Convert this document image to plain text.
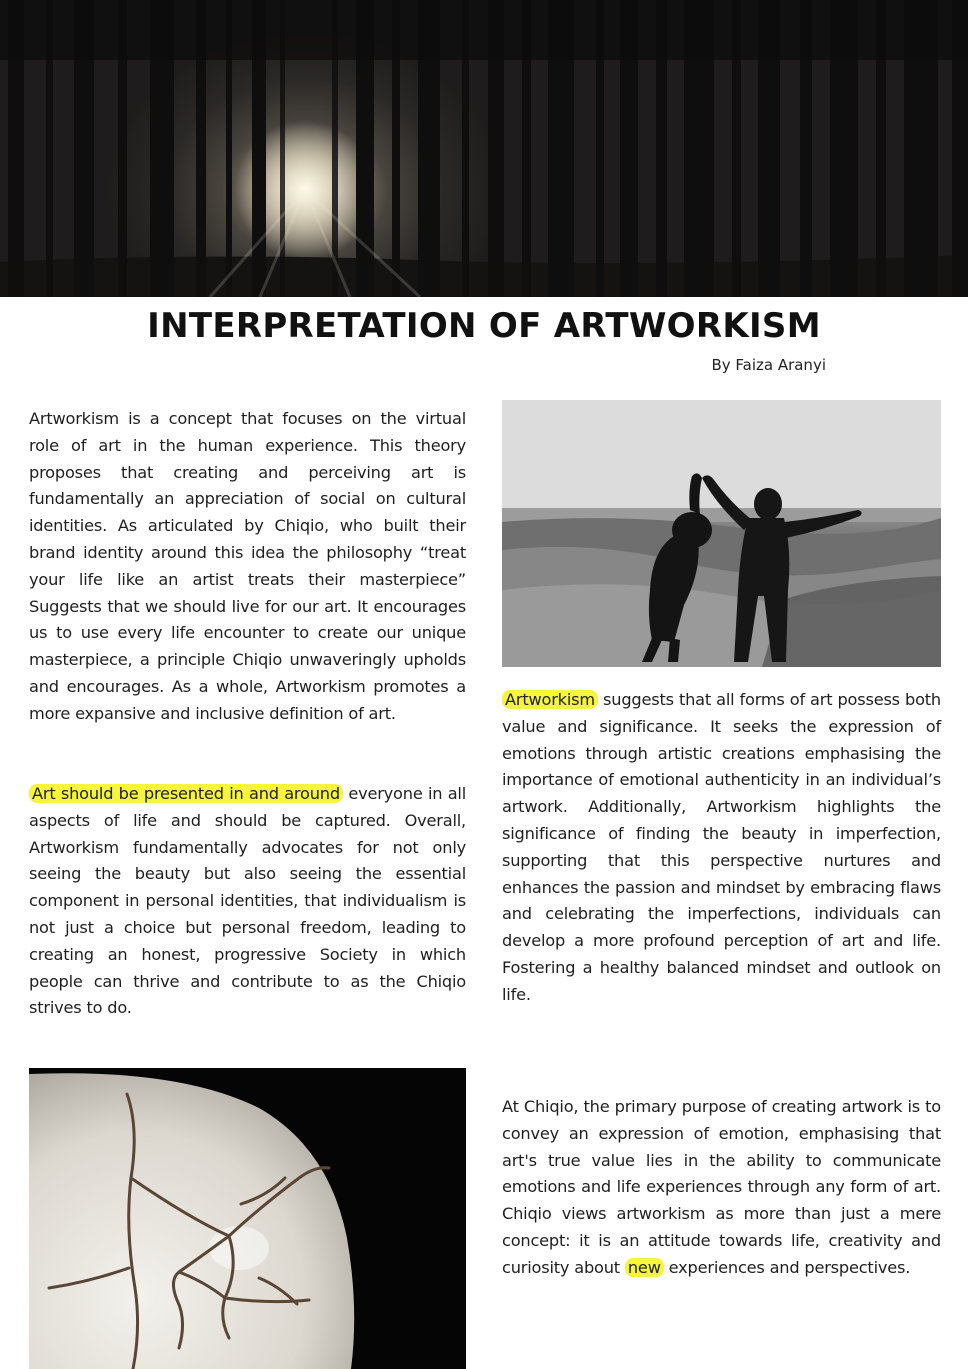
INTERPRETATION OF ARTWORKISM
By Faiza Aranyi

Artworkism is a concept that focuses on the virtual role of art in the human experience. This theory proposes that creating and perceiving art is fundamentally an appreciation of social on cultural identities. As articulated by Chiqio, who built their brand identity around this idea the philosophy “treat your life like an artist treats their masterpiece” Suggests that we should live for our art. It encourages us to use every life encounter to create our unique masterpiece, a principle Chiqio unwaveringly upholds and encourages. As a whole, Artworkism promotes a more expansive and inclusive definition of art.

Art should be presented in and around everyone in all aspects of life and should be captured. Overall, Artworkism fundamentally advocates for not only seeing the beauty but also seeing the essential component in personal identities, that individualism is not just a choice but personal freedom, leading to creating an honest, progressive Society in which people can thrive and contribute to as the Chiqio strives to do.

Artworkism suggests that all forms of art possess both value and significance. It seeks the expression of emotions through artistic creations emphasising the importance of emotional authenticity in an individual’s artwork. Additionally, Artworkism highlights the significance of finding the beauty in imperfection, supporting that this perspective nurtures and enhances the passion and mindset by embracing flaws and celebrating the imperfections, individuals can develop a more profound perception of art and life. Fostering a healthy balanced mindset and outlook on life.

At Chiqio, the primary purpose of creating artwork is to convey an expression of emotion, emphasising that art's true value lies in the ability to communicate emotions and life experiences through any form of art. Chiqio views artworkism as more than just a mere concept: it is an attitude towards life, creativity and curiosity about new experiences and perspectives.
